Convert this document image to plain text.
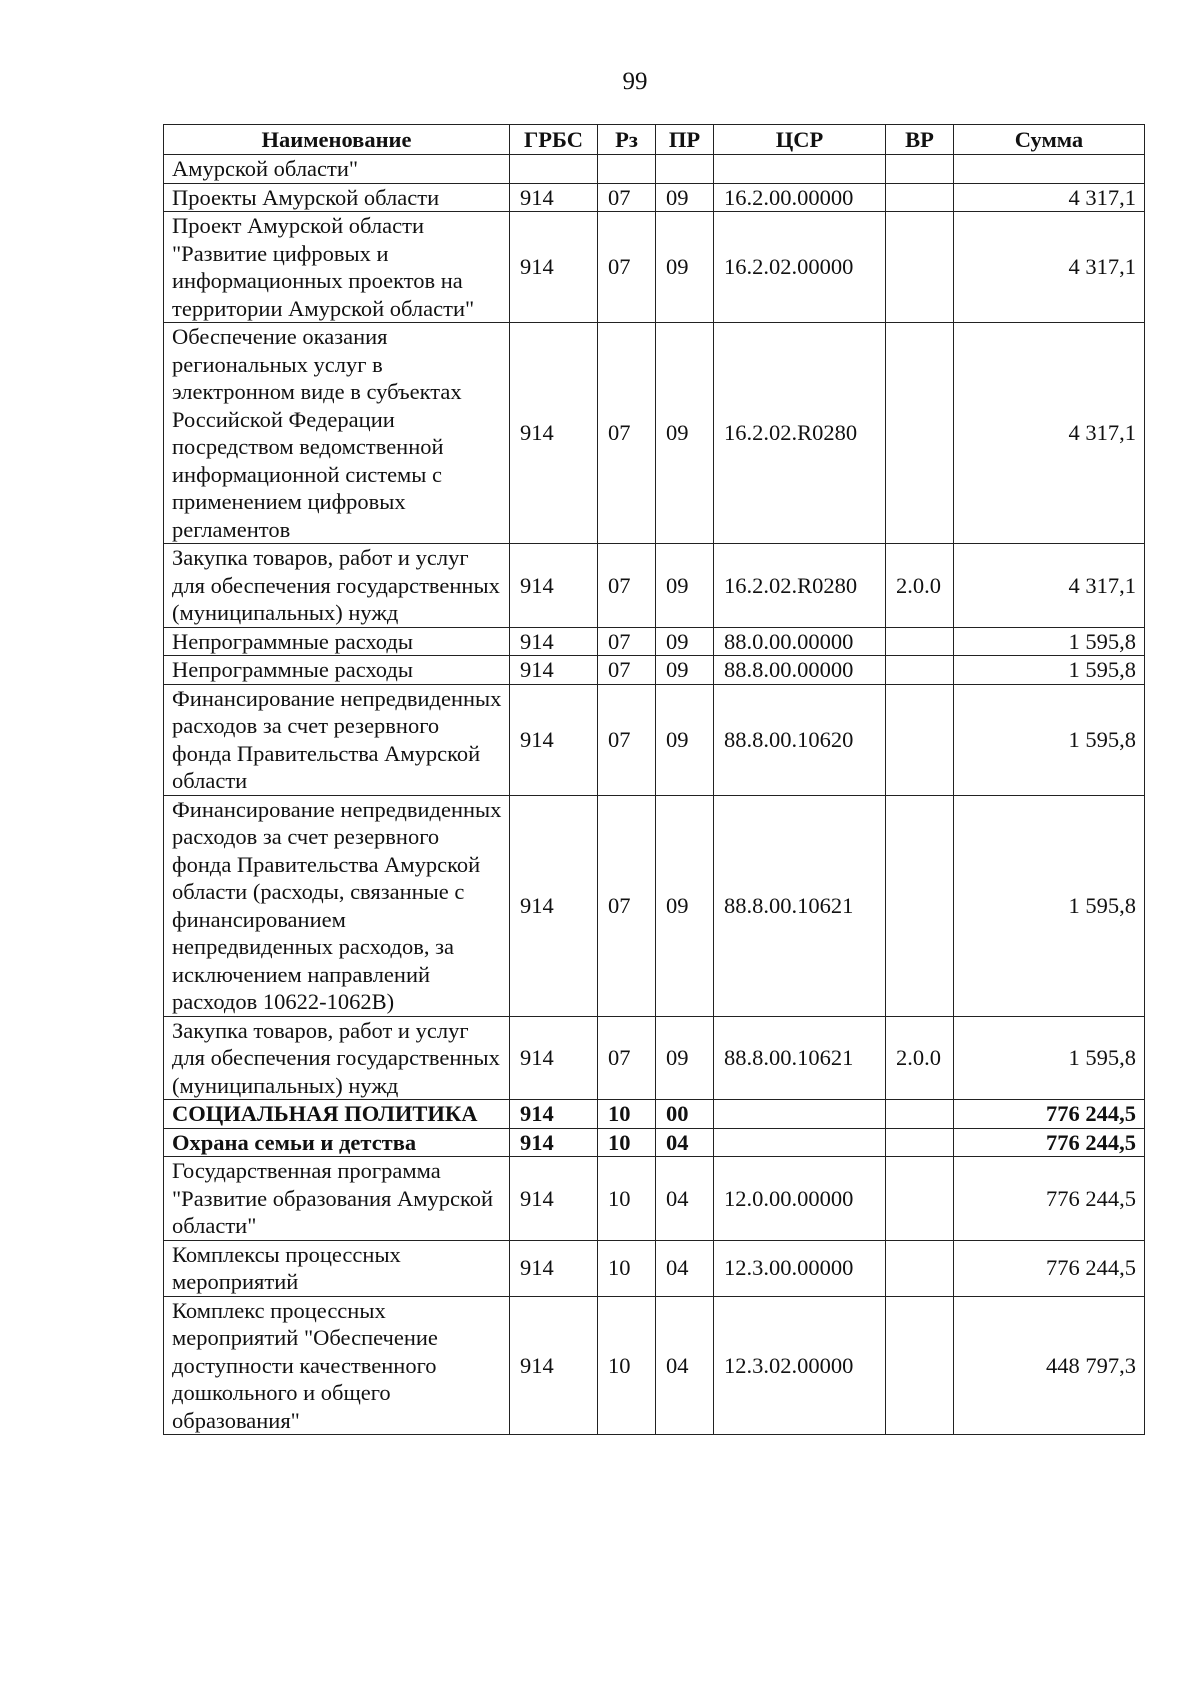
99
Наименование	ГРБС	Рз	ПР	ЦСР	ВР	Сумма
Амурской области"						
Проекты Амурской области	914	07	09	16.2.00.00000		4 317,1
Проект Амурской области "Развитие цифровых и информационных проектов на территории Амурской области"	914	07	09	16.2.02.00000		4 317,1
Обеспечение оказания региональных услуг в электронном виде в субъектах Российской Федерации посредством ведомственной информационной системы с применением цифровых регламентов	914	07	09	16.2.02.R0280		4 317,1
Закупка товаров, работ и услуг для обеспечения государственных (муниципальных) нужд	914	07	09	16.2.02.R0280	2.0.0	4 317,1
Непрограммные расходы	914	07	09	88.0.00.00000		1 595,8
Непрограммные расходы	914	07	09	88.8.00.00000		1 595,8
Финансирование непредвиденных расходов за счет резервного фонда Правительства Амурской области	914	07	09	88.8.00.10620		1 595,8
Финансирование непредвиденных расходов за счет резервного фонда Правительства Амурской области (расходы, связанные с финансированием непредвиденных расходов, за исключением направлений расходов 10622-1062В)	914	07	09	88.8.00.10621		1 595,8
Закупка товаров, работ и услуг для обеспечения государственных (муниципальных) нужд	914	07	09	88.8.00.10621	2.0.0	1 595,8
СОЦИАЛЬНАЯ ПОЛИТИКА	914	10	00			776 244,5
Охрана семьи и детства	914	10	04			776 244,5
Государственная программа "Развитие образования Амурской области"	914	10	04	12.0.00.00000		776 244,5
Комплексы процессных мероприятий	914	10	04	12.3.00.00000		776 244,5
Комплекс процессных мероприятий "Обеспечение доступности качественного дошкольного и общего образования"	914	10	04	12.3.02.00000		448 797,3
